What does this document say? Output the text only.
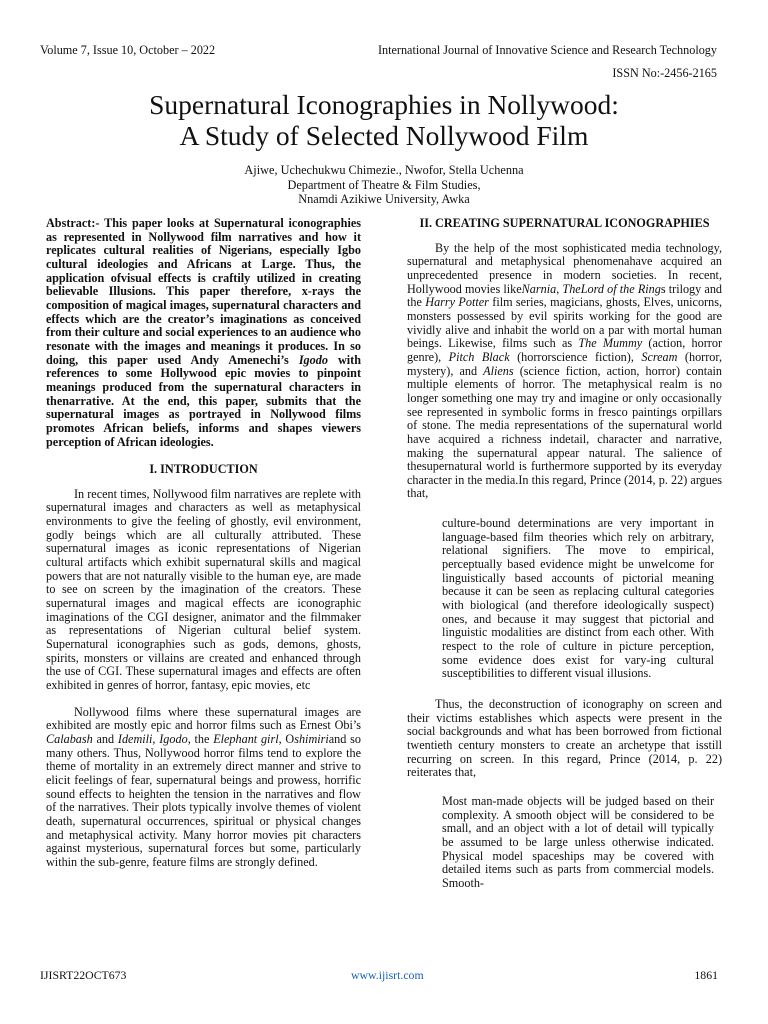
Volume 7, Issue 10, October – 2022	International Journal of Innovative Science and Research Technology
ISSN No:-2456-2165
Supernatural Iconographies in Nollywood:
A Study of Selected Nollywood Film
Ajiwe, Uchechukwu Chimezie., Nwofor, Stella Uchenna
Department of Theatre & Film Studies,
Nnamdi Azikiwe University, Awka

Abstract:- This paper looks at Supernatural iconographies as represented in Nollywood film narratives and how it replicates cultural realities of Nigerians, especially Igbo cultural ideologies and Africans at Large. Thus, the application ofvisual effects is craftily utilized in creating believable Illusions. This paper therefore, x-rays the composition of magical images, supernatural characters and effects which are the creator’s imaginations as conceived from their culture and social experiences to an audience who resonate with the images and meanings it produces. In so doing, this paper used Andy Amenechi’s Igodo with references to some Hollywood epic movies to pinpoint meanings produced from the supernatural characters in thenarrative. At the end, this paper, submits that the supernatural images as portrayed in Nollywood films promotes African beliefs, informs and shapes viewers perception of African ideologies.

I. INTRODUCTION

In recent times, Nollywood film narratives are replete with supernatural images and characters as well as metaphysical environments to give the feeling of ghostly, evil environment, godly beings which are all culturally attributed. These supernatural images as iconic representations of Nigerian cultural artifacts which exhibit supernatural skills and magical powers that are not naturally visible to the human eye, are made to see on screen by the imagination of the creators. These supernatural images and magical effects are iconographic imaginations of the CGI designer, animator and the filmmaker as representations of Nigerian cultural belief system. Supernatural iconographies such as gods, demons, ghosts, spirits, monsters or villains are created and enhanced through the use of CGI. These supernatural images and effects are often exhibited in genres of horror, fantasy, epic movies, etc

Nollywood films where these supernatural images are exhibited are mostly epic and horror films such as Ernest Obi’s Calabash and Idemili, Igodo, the Elephant girl, Oshimiriand so many others. Thus, Nollywood horror films tend to explore the theme of mortality in an extremely direct manner and strive to elicit feelings of fear, supernatural beings and prowess, horrific sound effects to heighten the tension in the narratives and flow of the narratives. Their plots typically involve themes of violent death, supernatural occurrences, spiritual or physical changes and metaphysical activity. Many horror movies pit characters against mysterious, supernatural forces but some, particularly within the sub-genre, feature films are strongly defined.

II. CREATING SUPERNATURAL ICONOGRAPHIES

By the help of the most sophisticated media technology, supernatural and metaphysical phenomenahave acquired an unprecedented presence in modern societies. In recent, Hollywood movies likeNarnia, TheLord of the Rings trilogy and the Harry Potter film series, magicians, ghosts, Elves, unicorns, monsters possessed by evil spirits working for the good are vividly alive and inhabit the world on a par with mortal human beings. Likewise, films such as The Mummy (action, horror genre), Pitch Black (horrorscience fiction), Scream (horror, mystery), and Aliens (science fiction, action, horror) contain multiple elements of horror. The metaphysical realm is no longer something one may try and imagine or only occasionally see represented in symbolic forms in fresco paintings orpillars of stone. The media representations of the supernatural world have acquired a richness indetail, character and narrative, making the supernatural appear natural. The salience of thesupernatural world is furthermore supported by its everyday character in the media.In this regard, Prince (2014, p. 22) argues that,

culture-bound determinations are very important in language-based film theories which rely on arbitrary, relational signifiers. The move to empirical, perceptually based evidence might be unwelcome for linguistically based accounts of pictorial meaning because it can be seen as replacing cultural categories with biological (and therefore ideologically suspect) ones, and because it may suggest that pictorial and linguistic modalities are distinct from each other. With respect to the role of culture in picture perception, some evidence does exist for vary-ing cultural susceptibilities to different visual illusions.

Thus, the deconstruction of iconography on screen and their victims establishes which aspects were present in the social backgrounds and what has been borrowed from fictional twentieth century monsters to create an archetype that isstill recurring on screen. In this regard, Prince (2014, p. 22) reiterates that,

Most man-made objects will be judged based on their complexity. A smooth object will be considered to be small, and an object with a lot of detail will typically be assumed to be large unless otherwise indicated. Physical model spaceships may be covered with detailed items such as parts from commercial models. Smooth-

IJISRT22OCT673	www.ijisrt.com	1861
